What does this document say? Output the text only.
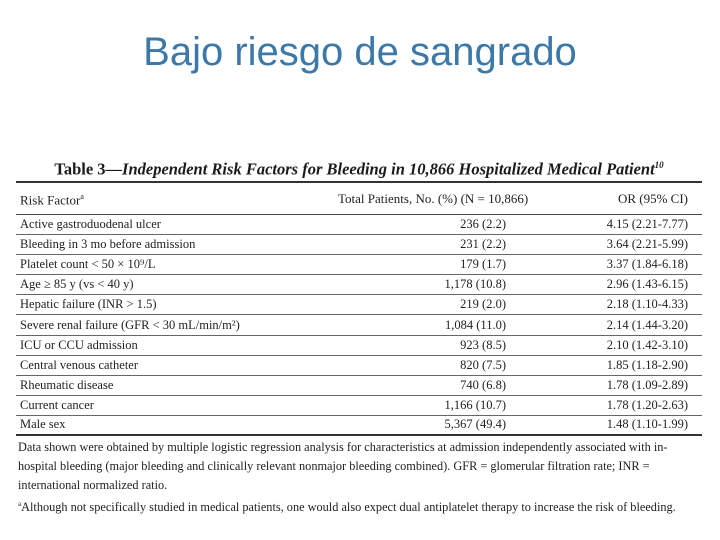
Bajo riesgo de sangrado
Table 3—Independent Risk Factors for Bleeding in 10,866 Hospitalized Medical Patient$^{10}$
Risk Factor$^a$	Total Patients, No. (%) (N = 10,866)	OR (95% CI)
Active gastroduodenal ulcer	236 (2.2)	4.15 (2.21-7.77)
Bleeding in 3 mo before admission	231 (2.2)	3.64 (2.21-5.99)
Platelet count < 50 × 10⁹/L	179 (1.7)	3.37 (1.84-6.18)
Age ≥ 85 y (vs < 40 y)	1,178 (10.8)	2.96 (1.43-6.15)
Hepatic failure (INR > 1.5)	219 (2.0)	2.18 (1.10-4.33)
Severe renal failure (GFR < 30 mL/min/m²)	1,084 (11.0)	2.14 (1.44-3.20)
ICU or CCU admission	923 (8.5)	2.10 (1.42-3.10)
Central venous catheter	820 (7.5)	1.85 (1.18-2.90)
Rheumatic disease	740 (6.8)	1.78 (1.09-2.89)
Current cancer	1,166 (10.7)	1.78 (1.20-2.63)
Male sex	5,367 (49.4)	1.48 (1.10-1.99)
Data shown were obtained by multiple logistic regression analysis for characteristics at admission independently associated with in-hospital bleeding (major bleeding and clinically relevant nonmajor bleeding combined). GFR = glomerular filtration rate; INR = international normalized ratio.
$^a$Although not specifically studied in medical patients, one would also expect dual antiplatelet therapy to increase the risk of bleeding.
